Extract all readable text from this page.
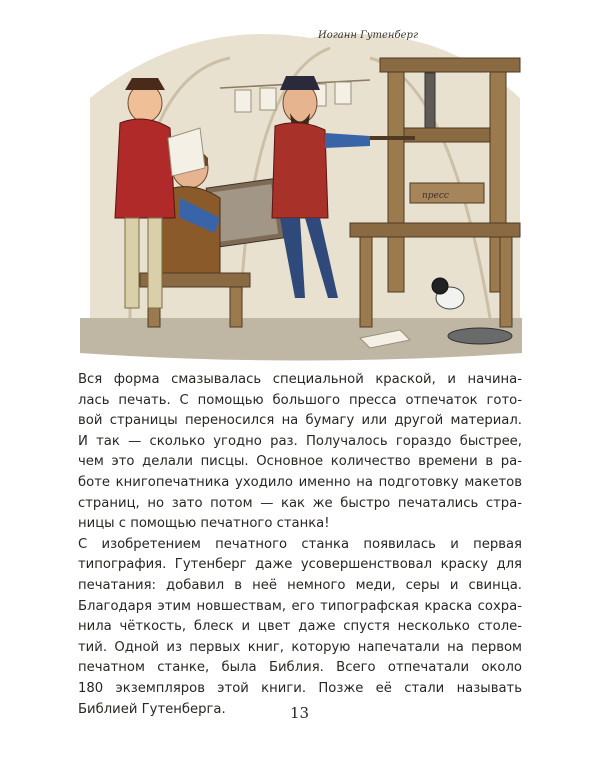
Иоганн Гутенберг
пресс
Вся форма смазывалась специальной краской, и начина-
лась печать. С помощью большого пресса отпечаток гото-
вой страницы переносился на бумагу или другой материал.
И так — сколько угодно раз. Получалось гораздо быстрее,
чем это делали писцы. Основное количество времени в ра-
боте книгопечатника уходило именно на подготовку макетов
страниц, но зато потом — как же быстро печатались стра-
ницы с помощью печатного станка!
С изобретением печатного станка появилась и первая
типография. Гутенберг даже усовершенствовал краску для
печатания: добавил в неё немного меди, серы и свинца.
Благодаря этим новшествам, его типографская краска сохра-
нила чёткость, блеск и цвет даже спустя несколько столе-
тий. Одной из первых книг, которую напечатали на первом
печатном станке, была Библия. Всего отпечатали около
180 экземпляров этой книги. Позже её стали называть
Библией Гутенберга.	13
